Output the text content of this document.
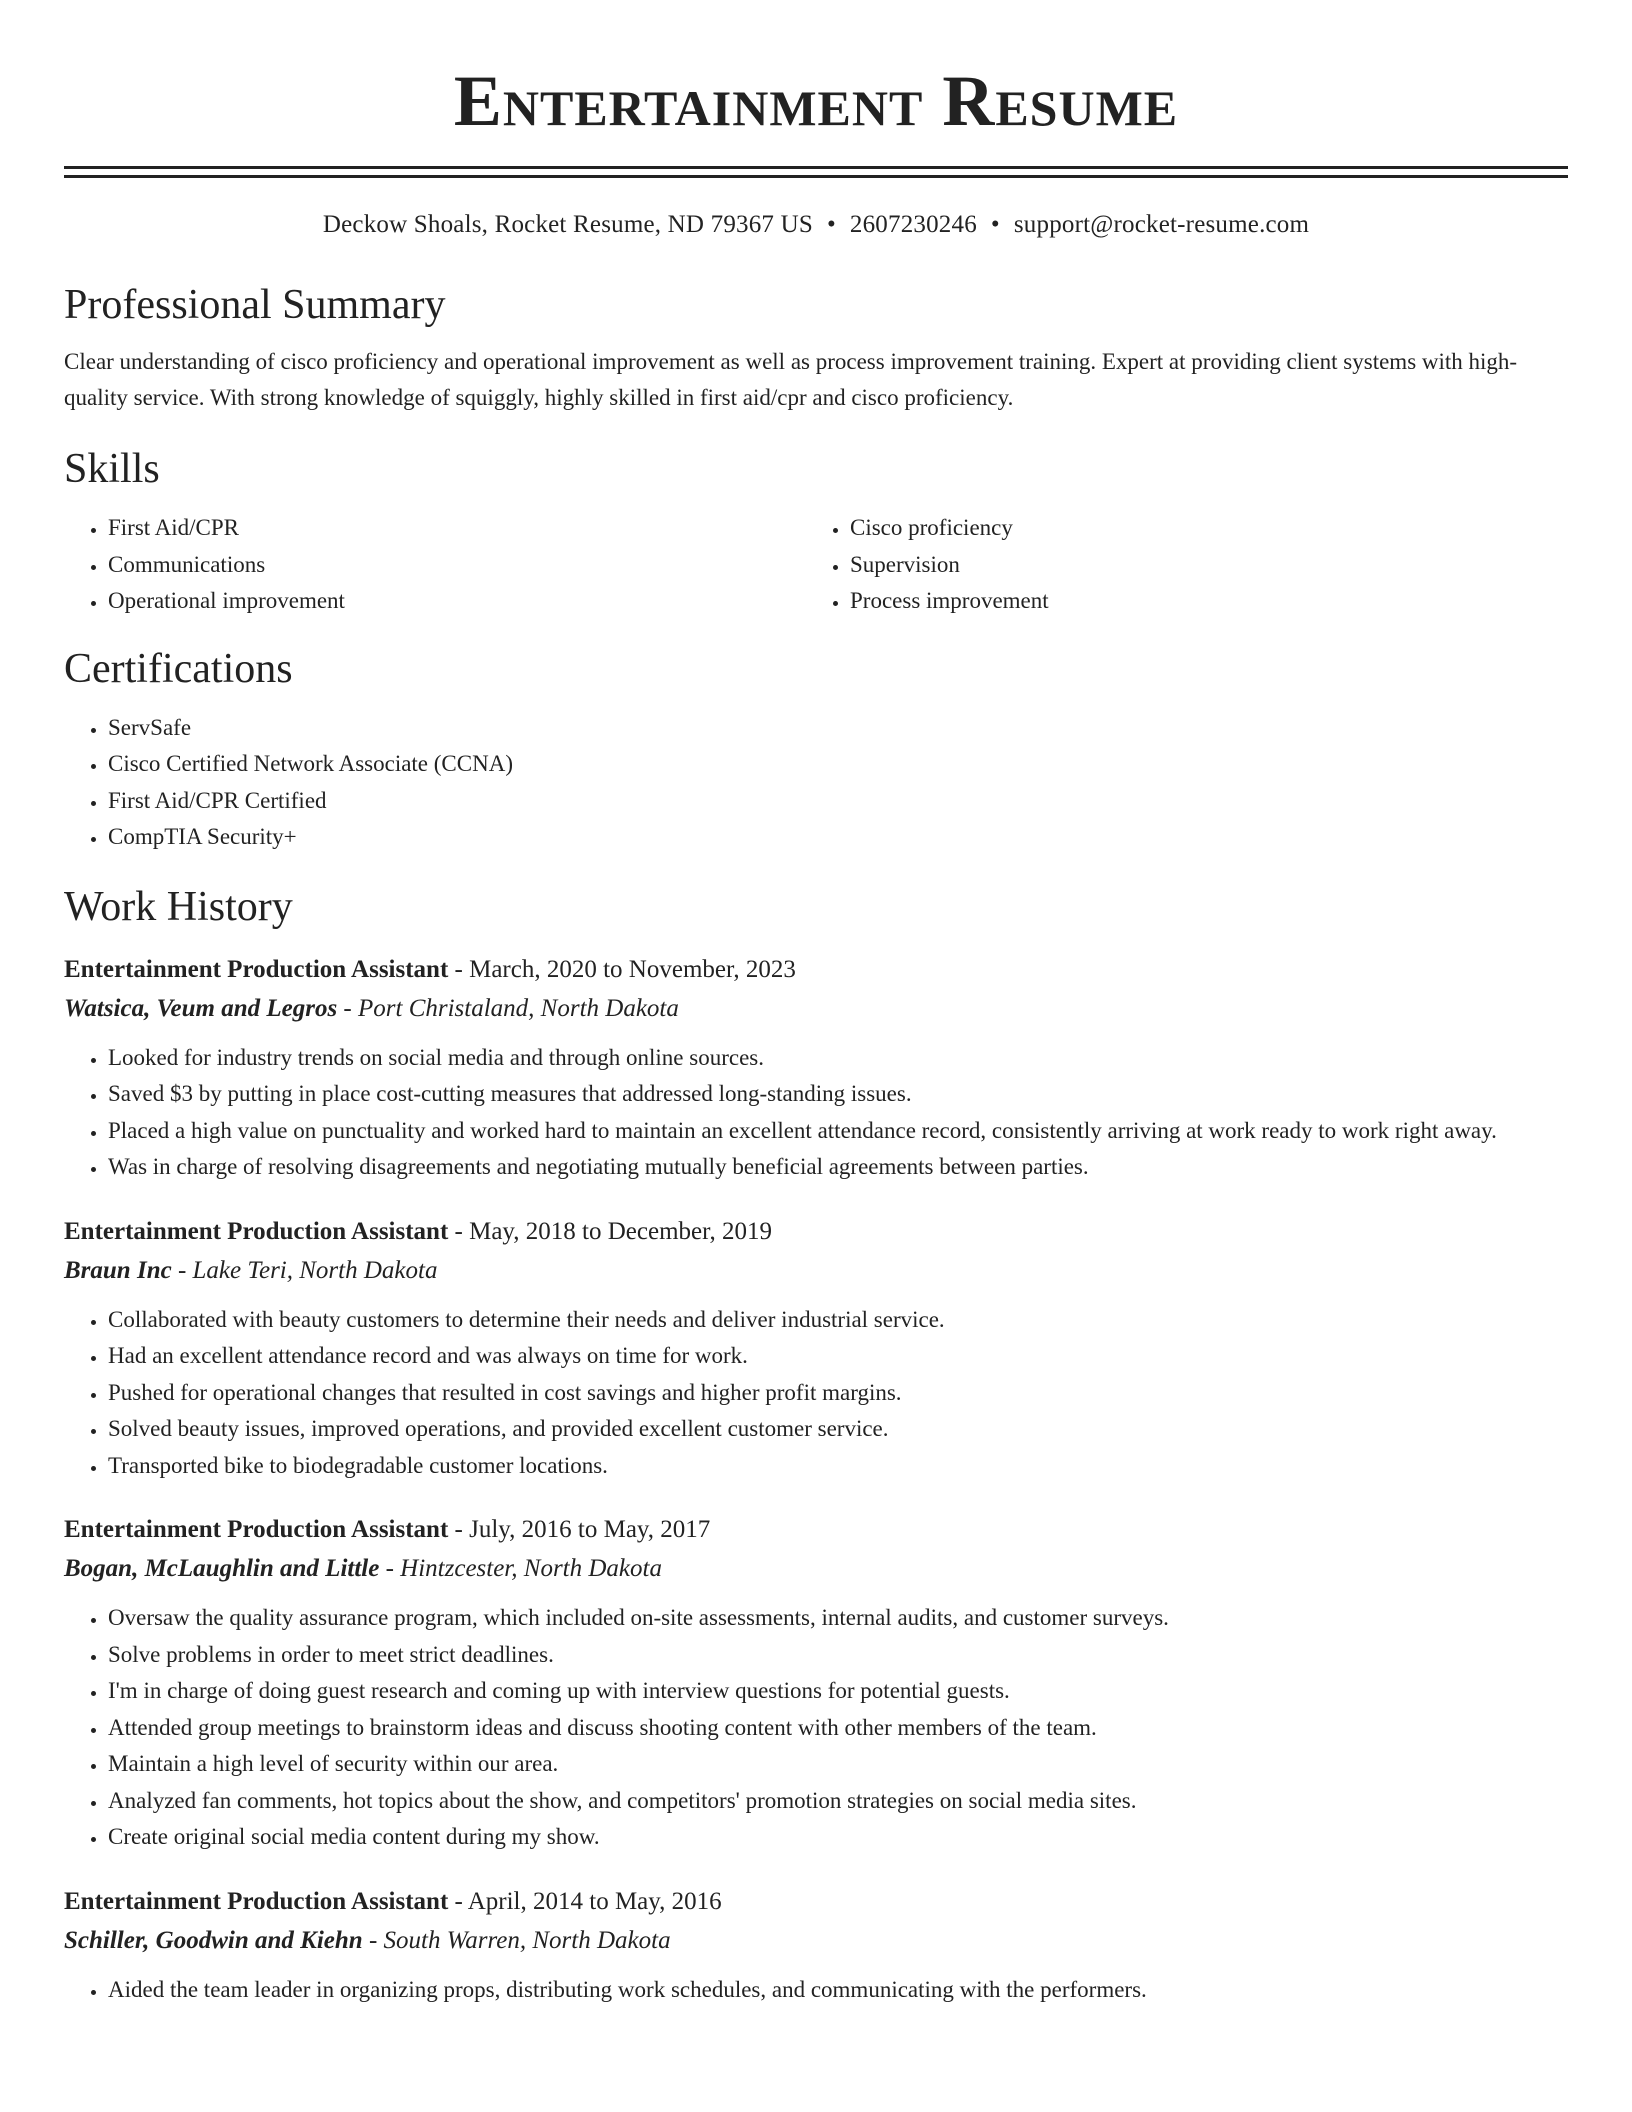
Entertainment Resume
Deckow Shoals, Rocket Resume, ND 79367 US • 2607230246 • support@rocket-resume.com
Professional Summary
Clear understanding of cisco proficiency and operational improvement as well as process improvement training. Expert at providing client systems with high-quality service. With strong knowledge of squiggly, highly skilled in first aid/cpr and cisco proficiency.
Skills
• First Aid/CPR
• Communications
• Operational improvement
• Cisco proficiency
• Supervision
• Process improvement
Certifications
• ServSafe
• Cisco Certified Network Associate (CCNA)
• First Aid/CPR Certified
• CompTIA Security+
Work History
Entertainment Production Assistant - March, 2020 to November, 2023
Watsica, Veum and Legros - Port Christaland, North Dakota
• Looked for industry trends on social media and through online sources.
• Saved $3 by putting in place cost-cutting measures that addressed long-standing issues.
• Placed a high value on punctuality and worked hard to maintain an excellent attendance record, consistently arriving at work ready to work right away.
• Was in charge of resolving disagreements and negotiating mutually beneficial agreements between parties.
Entertainment Production Assistant - May, 2018 to December, 2019
Braun Inc - Lake Teri, North Dakota
• Collaborated with beauty customers to determine their needs and deliver industrial service.
• Had an excellent attendance record and was always on time for work.
• Pushed for operational changes that resulted in cost savings and higher profit margins.
• Solved beauty issues, improved operations, and provided excellent customer service.
• Transported bike to biodegradable customer locations.
Entertainment Production Assistant - July, 2016 to May, 2017
Bogan, McLaughlin and Little - Hintzcester, North Dakota
• Oversaw the quality assurance program, which included on-site assessments, internal audits, and customer surveys.
• Solve problems in order to meet strict deadlines.
• I'm in charge of doing guest research and coming up with interview questions for potential guests.
• Attended group meetings to brainstorm ideas and discuss shooting content with other members of the team.
• Maintain a high level of security within our area.
• Analyzed fan comments, hot topics about the show, and competitors' promotion strategies on social media sites.
• Create original social media content during my show.
Entertainment Production Assistant - April, 2014 to May, 2016
Schiller, Goodwin and Kiehn - South Warren, North Dakota
• Aided the team leader in organizing props, distributing work schedules, and communicating with the performers.
